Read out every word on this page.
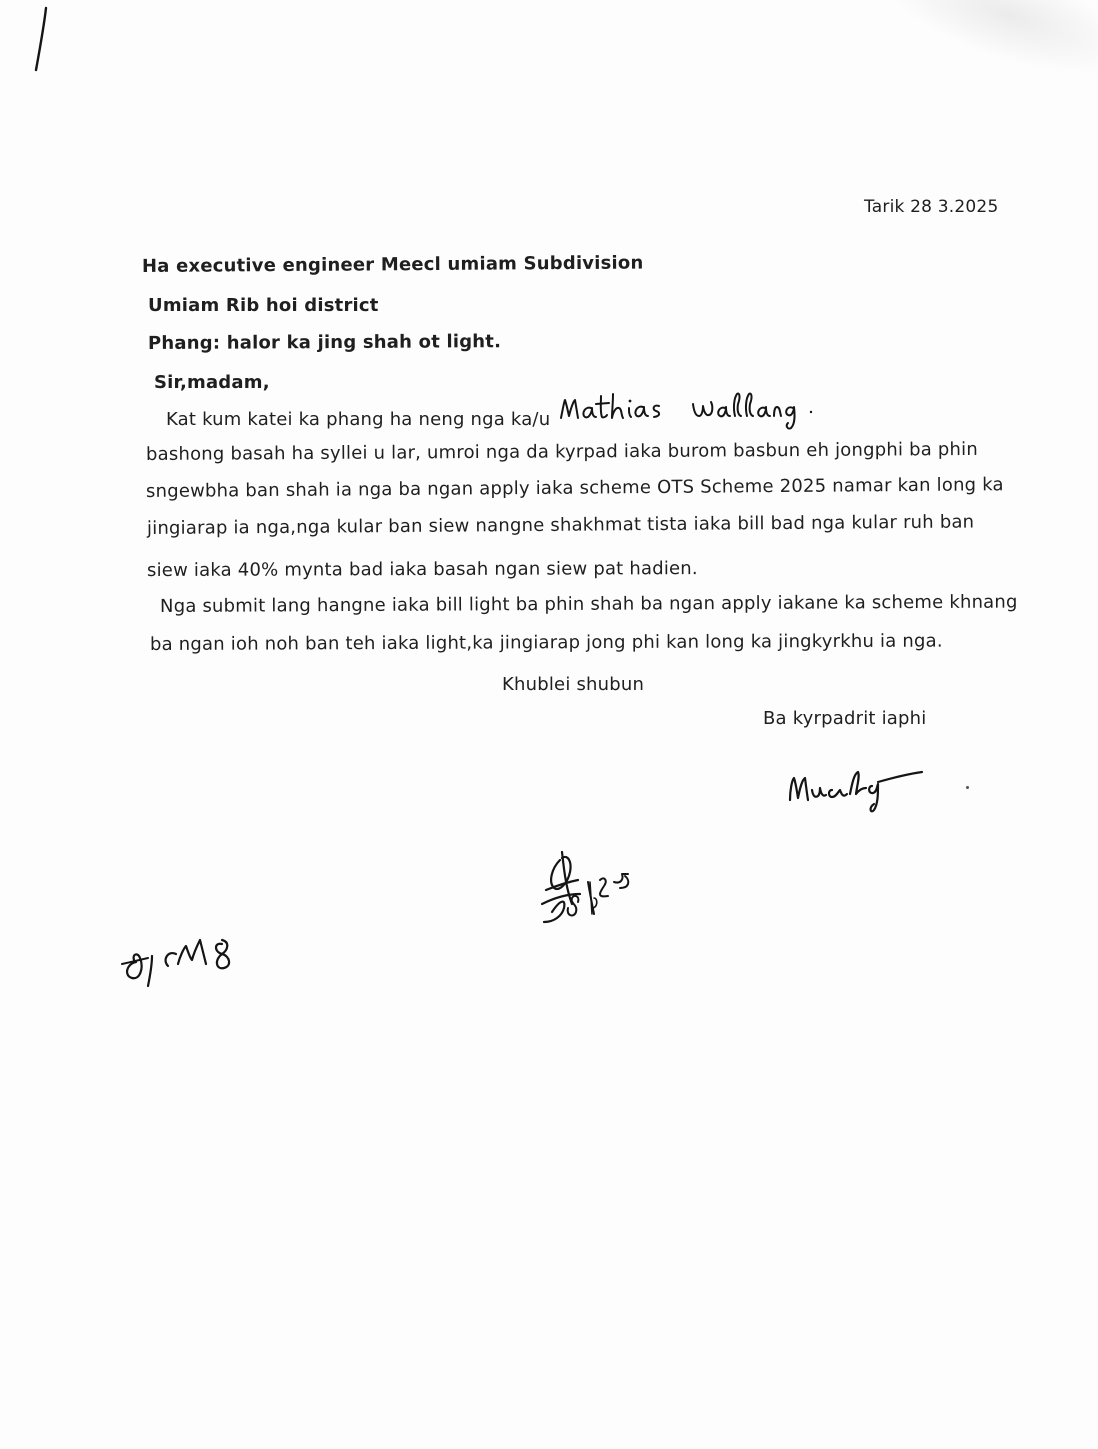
Tarik 28 3.2025
Ha executive engineer Meecl umiam Subdivision
Umiam Rib hoi district
Phang: halor ka jing shah ot light.
Sir,madam,
Kat kum katei ka phang ha neng nga ka/u
bashong basah ha syllei u lar, umroi nga da kyrpad iaka burom basbun eh jongphi ba phin
sngewbha ban shah ia nga ba ngan apply iaka scheme OTS Scheme 2025 namar kan long ka
jingiarap ia nga,nga kular ban siew nangne shakhmat tista iaka bill bad nga kular ruh ban
siew iaka 40% mynta bad iaka basah ngan siew pat hadien.
Nga submit lang hangne iaka bill light ba phin shah ba ngan apply iakane ka scheme khnang
ba ngan ioh noh ban teh iaka light,ka jingiarap jong phi kan long ka jingkyrkhu ia nga.
Khublei shubun
Ba kyrpadrit iaphi
